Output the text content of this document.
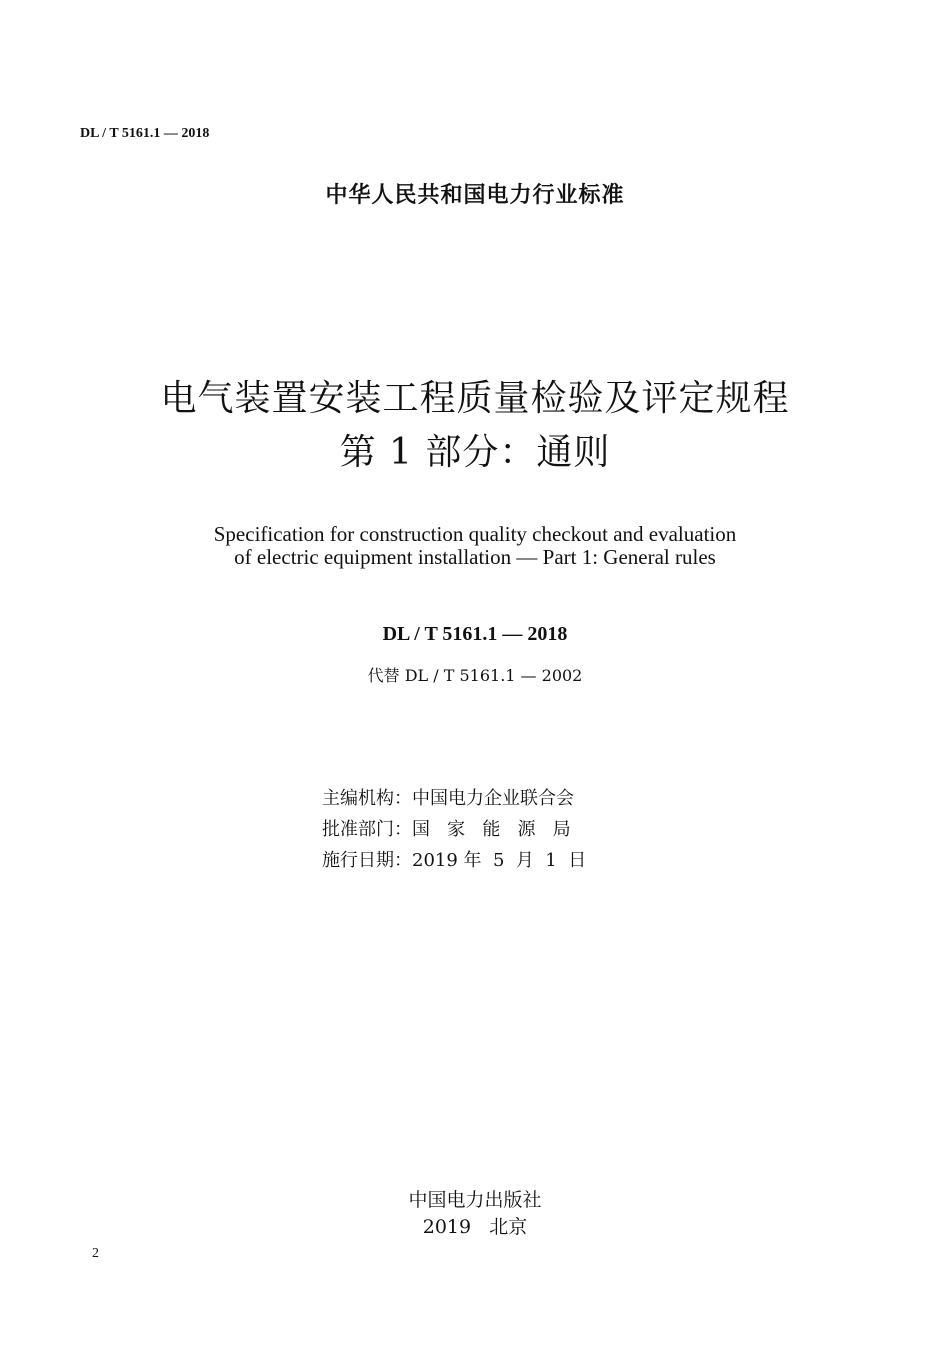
DL / T 5161.1 — 2018
中华人民共和国电力行业标准
电气装置安装工程质量检验及评定规程
第 1 部分：通则
Specification for construction quality checkout and evaluation
of electric equipment installation — Part 1: General rules
DL / T 5161.1 — 2018
代替 DL / T 5161.1 — 2002
主编机构：中国电力企业联合会
批准部门：国   家   能   源   局
施行日期：2019 年  5  月  1  日
中国电力出版社
2019   北京
2
